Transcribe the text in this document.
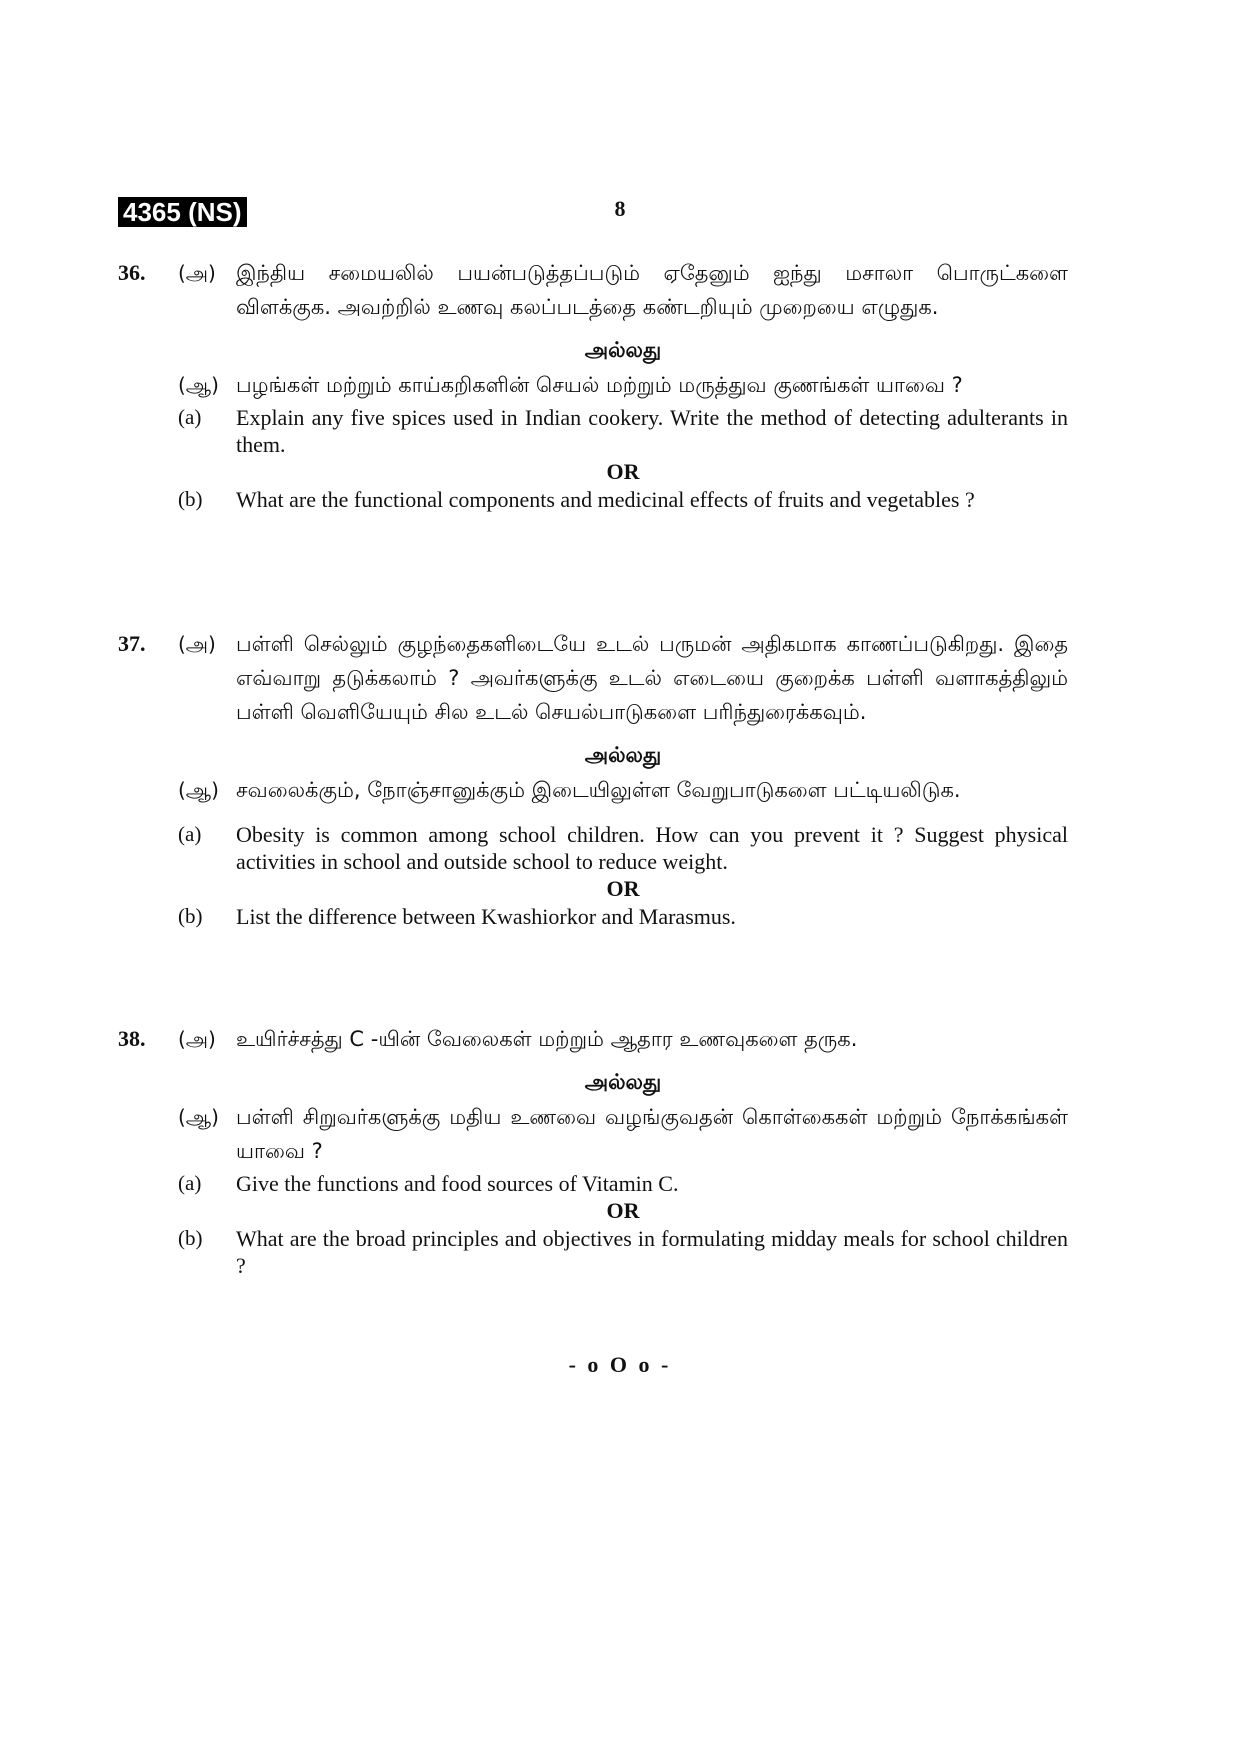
4365 (NS)	8
36. (அ) இந்திய சமையலில் பயன்படுத்தப்படும் ஏதேனும் ஐந்து மசாலா பொருட்களை விளக்குக. அவற்றில் உணவு கலப்படத்தை கண்டறியும் முறையை எழுதுக.
அல்லது
(ஆ) பழங்கள் மற்றும் காய்கறிகளின் செயல் மற்றும் மருத்துவ குணங்கள் யாவை ?
(a) Explain any five spices used in Indian cookery. Write the method of detecting adulterants in them.
OR
(b) What are the functional components and medicinal effects of fruits and vegetables ?
37. (அ) பள்ளி செல்லும் குழந்தைகளிடையே உடல் பருமன் அதிகமாக காணப்படுகிறது. இதை எவ்வாறு தடுக்கலாம் ? அவர்களுக்கு உடல் எடையை குறைக்க பள்ளி வளாகத்திலும் பள்ளி வெளியேயும் சில உடல் செயல்பாடுகளை பரிந்துரைக்கவும்.
அல்லது
(ஆ) சவலைக்கும், நோஞ்சானுக்கும் இடையிலுள்ள வேறுபாடுகளை பட்டியலிடுக.
(a) Obesity is common among school children. How can you prevent it ? Suggest physical activities in school and outside school to reduce weight.
OR
(b) List the difference between Kwashiorkor and Marasmus.
38. (அ) உயிர்ச்சத்து C -யின் வேலைகள் மற்றும் ஆதார உணவுகளை தருக.
அல்லது
(ஆ) பள்ளி சிறுவர்களுக்கு மதிய உணவை வழங்குவதன் கொள்கைகள் மற்றும் நோக்கங்கள் யாவை ?
(a) Give the functions and food sources of Vitamin C.
OR
(b) What are the broad principles and objectives in formulating midday meals for school children ?
- o O o -
